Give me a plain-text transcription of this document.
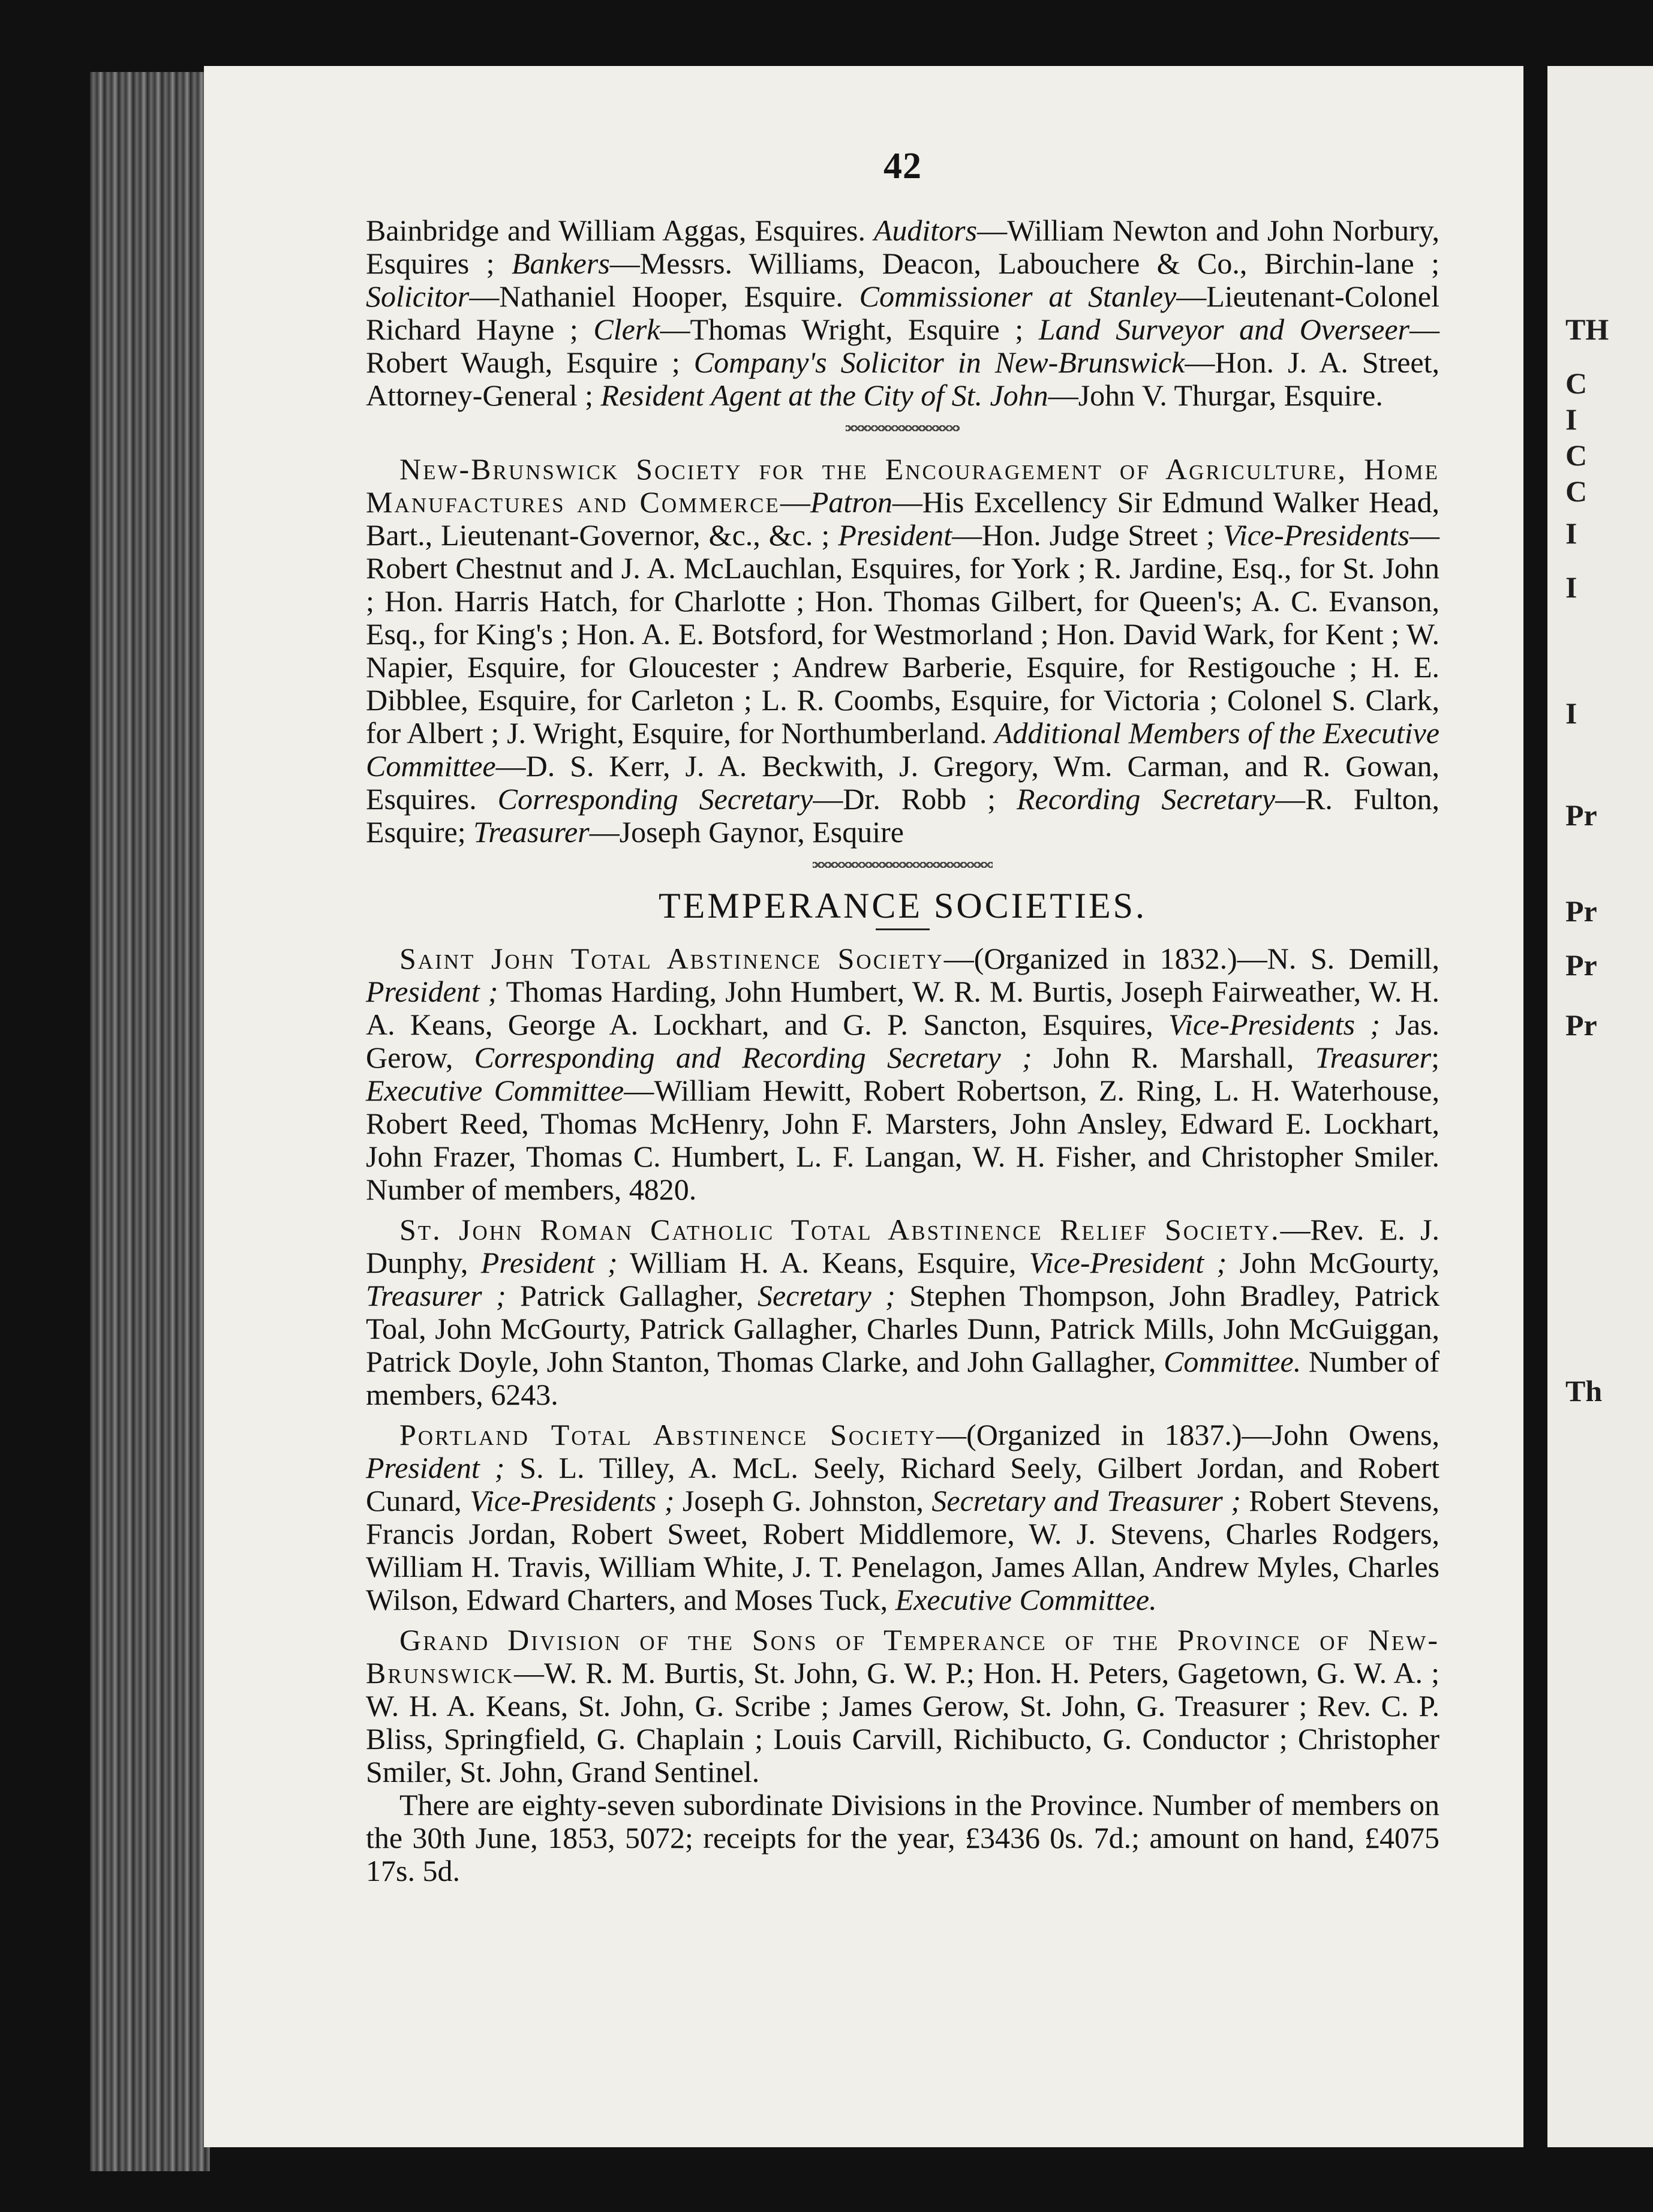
TH
C
I
C
C
I
I
I
Pr
Pr
Pr
Pr
Th
42

Bainbridge and William Aggas, Esquires. Auditors—William Newton and John Norbury, Esquires ; Bankers—Messrs. Williams, Deacon, Labouchere & Co., Birchin-lane ; Solicitor—Nathaniel Hooper, Esquire. Commissioner at Stanley—Lieutenant-Colonel Richard Hayne ; Clerk—Thomas Wright, Esquire ; Land Surveyor and Overseer—Robert Waugh, Esquire ; Company's Solicitor in New-Brunswick—Hon. J. A. Street, Attorney-General ; Resident Agent at the City of St. John—John V. Thurgar, Esquire.

New-Brunswick Society for the Encouragement of Agriculture, Home Manufactures and Commerce—Patron—His Excellency Sir Edmund Walker Head, Bart., Lieutenant-Governor, &c., &c. ; President—Hon. Judge Street ; Vice-Presidents—Robert Chestnut and J. A. McLauchlan, Esquires, for York ; R. Jardine, Esq., for St. John ; Hon. Harris Hatch, for Charlotte ; Hon. Thomas Gilbert, for Queen's; A. C. Evanson, Esq., for King's ; Hon. A. E. Botsford, for Westmorland ; Hon. David Wark, for Kent ; W. Napier, Esquire, for Gloucester ; Andrew Barberie, Esquire, for Restigouche ; H. E. Dibblee, Esquire, for Carleton ; L. R. Coombs, Esquire, for Victoria ; Colonel S. Clark, for Albert ; J. Wright, Esquire, for Northumberland. Additional Members of the Executive Committee—D. S. Kerr, J. A. Beckwith, J. Gregory, Wm. Carman, and R. Gowan, Esquires. Corresponding Secretary—Dr. Robb ; Recording Secretary—R. Fulton, Esquire; Treasurer—Joseph Gaynor, Esquire

TEMPERANCE SOCIETIES.

Saint John Total Abstinence Society—(Organized in 1832.)—N. S. Demill, President ; Thomas Harding, John Humbert, W. R. M. Burtis, Joseph Fairweather, W. H. A. Keans, George A. Lockhart, and G. P. Sancton, Esquires, Vice-Presidents ; Jas. Gerow, Corresponding and Recording Secretary ; John R. Marshall, Treasurer; Executive Committee—William Hewitt, Robert Robertson, Z. Ring, L. H. Waterhouse, Robert Reed, Thomas McHenry, John F. Marsters, John Ansley, Edward E. Lockhart, John Frazer, Thomas C. Humbert, L. F. Langan, W. H. Fisher, and Christopher Smiler. Number of members, 4820.

St. John Roman Catholic Total Abstinence Relief Society.—Rev. E. J. Dunphy, President ; William H. A. Keans, Esquire, Vice-President ; John McGourty, Treasurer ; Patrick Gallagher, Secretary ; Stephen Thompson, John Bradley, Patrick Toal, John McGourty, Patrick Gallagher, Charles Dunn, Patrick Mills, John McGuiggan, Patrick Doyle, John Stanton, Thomas Clarke, and John Gallagher, Committee. Number of members, 6243.

Portland Total Abstinence Society—(Organized in 1837.)—John Owens, President ; S. L. Tilley, A. McL. Seely, Richard Seely, Gilbert Jordan, and Robert Cunard, Vice-Presidents ; Joseph G. Johnston, Secretary and Treasurer ; Robert Stevens, Francis Jordan, Robert Sweet, Robert Middlemore, W. J. Stevens, Charles Rodgers, William H. Travis, William White, J. T. Penelagon, James Allan, Andrew Myles, Charles Wilson, Edward Charters, and Moses Tuck, Executive Committee.

Grand Division of the Sons of Temperance of the Province of New-Brunswick—W. R. M. Burtis, St. John, G. W. P.; Hon. H. Peters, Gagetown, G. W. A. ; W. H. A. Keans, St. John, G. Scribe ; James Gerow, St. John, G. Treasurer ; Rev. C. P. Bliss, Springfield, G. Chaplain ; Louis Carvill, Richibucto, G. Conductor ; Christopher Smiler, St. John, Grand Sentinel.

There are eighty-seven subordinate Divisions in the Province. Number of members on the 30th June, 1853, 5072; receipts for the year, £3436 0s. 7d.; amount on hand, £4075 17s. 5d.
